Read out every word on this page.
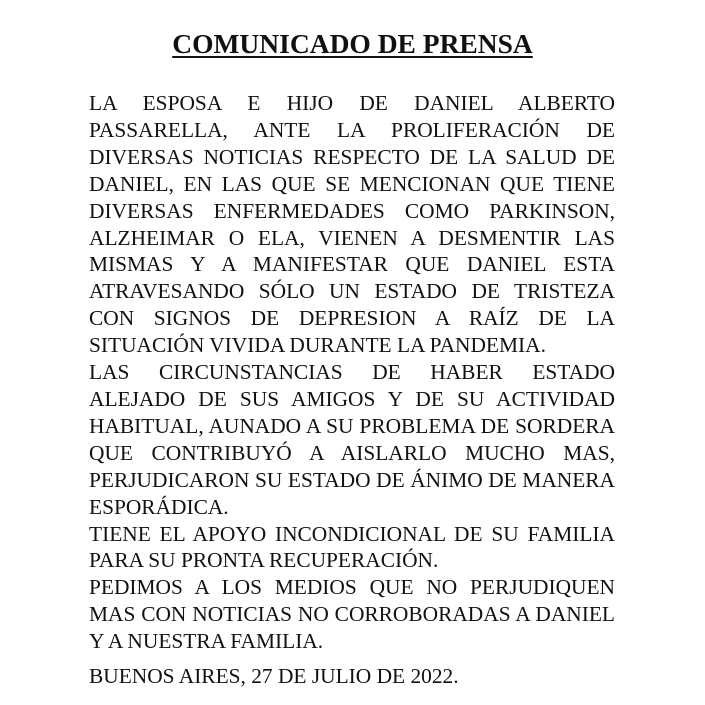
COMUNICADO DE PRENSA

LA ESPOSA E HIJO DE DANIEL ALBERTO PASSARELLA, ANTE LA PROLIFERACIÓN DE DIVERSAS NOTICIAS RESPECTO DE LA SALUD DE DANIEL, EN LAS QUE SE MENCIONAN QUE TIENE DIVERSAS ENFERMEDADES COMO PARKINSON, ALZHEIMAR O ELA, VIENEN A DESMENTIR LAS MISMAS Y A MANIFESTAR QUE DANIEL ESTA ATRAVESANDO SÓLO UN ESTADO DE TRISTEZA CON SIGNOS DE DEPRESION A RAÍZ DE LA SITUACIÓN VIVIDA DURANTE LA PANDEMIA.

LAS CIRCUNSTANCIAS DE HABER ESTADO ALEJADO DE SUS AMIGOS Y DE SU ACTIVIDAD HABITUAL, AUNADO A SU PROBLEMA DE SORDERA QUE CONTRIBUYÓ A AISLARLO MUCHO MAS, PERJUDICARON SU ESTADO DE ÁNIMO DE MANERA ESPORÁDICA.

TIENE EL APOYO INCONDICIONAL DE SU FAMILIA PARA SU PRONTA RECUPERACIÓN.

PEDIMOS A LOS MEDIOS QUE NO PERJUDIQUEN MAS CON NOTICIAS NO CORROBORADAS A DANIEL Y A NUESTRA FAMILIA.

BUENOS AIRES, 27 DE JULIO DE 2022.
